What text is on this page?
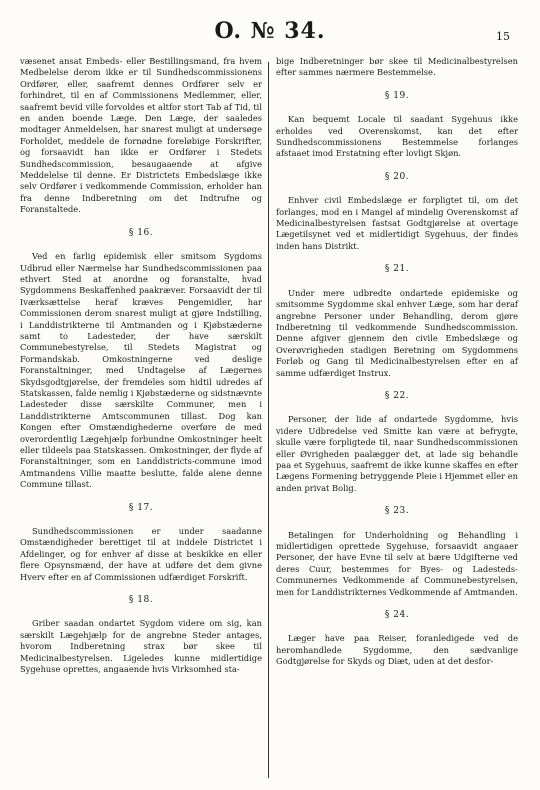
O. № 34.	15

væsenet ansat Embeds- eller Bestillingsmand, fra hvem Medbelelse derom ikke er til Sundhedscommissionens Ordfører, eller, saafremt dennes Ordfører selv er forhindret, til en af Commissionens Medlemmer, eller, saafremt bevid ville forvoldes et altfor stort Tab af Tid, til en anden boende Læge. Den Læge, der saaledes modtager Anmeldelsen, har snarest muligt at undersøge Forholdet, meddele de fornødne foreløbige Forskrifter, og forsaavidt han ikke er Ordfører i Stedets Sundhedscommission, besaugaaende at afgive Meddelelse til denne. Er Districtets Embedslæge ikke selv Ordfører i vedkommende Commission, erholder han fra denne Indberetning om det Indtrufne og Foranstaltede.

§ 16.

Ved en farlig epidemisk eller smitsom Sygdoms Udbrud eller Nærmelse har Sundhedscommissionen paa ethvert Sted at anordne og foranstalte, hvad Sygdommens Beskaffenhed paakræver. Forsaavidt der til Iværksættelse heraf kræves Pengemidler, har Commissionen derom snarest muligt at gjøre Indstilling, i Landdistrikterne til Amtmanden og i Kjøbstæderne samt to Ladesteder, der have særskilt Communebestyrelse, til Stedets Magistrat og Formandskab. Omkostningerne ved deslige Foranstaltninger, med Undtagelse af Lægernes Skydsgodtgjørelse, der fremdeles som hidtil udredes af Statskassen, falde nemlig i Kjøbstæderne og sidstnævnte Ladesteder disse særskilte Communer, men i Landdistrikterne Amtscommunen tillast. Dog kan Kongen efter Omstændighederne overføre de med overordentlig Lægehjælp forbundne Omkostninger heelt eller tildeels paa Statskassen. Omkostninger, der flyde af Foranstaltninger, som en Landdistricts-commune imod Amtmandens Villie maatte beslutte, falde alene denne Commune tillast.

§ 17.

Sundhedscommissionen er under saadanne Omstændigheder berettiget til at inddele Districtet i Afdelinger, og for enhver af disse at beskikke en eller flere Opsynsmænd, der have at udføre det dem givne Hverv efter en af Commissionen udfærdiget Forskrift.

§ 18.

Griber saadan ondartet Sygdom videre om sig, kan særskilt Lægehjælp for de angrebne Steder antages, hvorom Indberetning strax bør skee til Medicinalbestyrelsen. Ligeledes kunne midlertidige Sygehuse oprettes, angaaende hvis Virksomhed sta-

bige Indberetninger bør skee til Medicinalbestyrelsen efter sammes nærmere Bestemmelse.

§ 19.

Kan bequemt Locale til saadant Sygehuus ikke erholdes ved Overenskomst, kan det efter Sundhedscommissionens Bestemmelse forlanges afstaaet imod Erstatning efter lovligt Skjøn.

§ 20.

Enhver civil Embedslæge er forpligtet til, om det forlanges, mod en i Mangel af mindelig Overenskomst af Medicinalbestyrelsen fastsat Godtgjørelse at overtage Lægetilsynet ved et midlertidigt Sygehuus, der findes inden hans Distrikt.

§ 21.

Under mere udbredte ondartede epidemiske og smitsomme Sygdomme skal enhver Læge, som har deraf angrebne Personer under Behandling, derom gjøre Indberetning til vedkommende Sundhedscommission. Denne afgiver gjennem den civile Embedslæge og Overøvrigheden stadigen Beretning om Sygdommens Forløb og Gang til Medicinalbestyrelsen efter en af samme udfærdiget Instrux.

§ 22.

Personer, der lide af ondartede Sygdomme, hvis videre Udbredelse ved Smitte kan være at befrygte, skulle være forpligtede til, naar Sundhedscommissionen eller Øvrigheden paalægger det, at lade sig behandle paa et Sygehuus, saafremt de ikke kunne skaffes en efter Lægens Formening betryggende Pleie i Hjemmet eller en anden privat Bolig.

§ 23.

Betalingen for Underholdning og Behandling i midlertidigen oprettede Sygehuse, forsaavidt angaaer Personer, der have Evne til selv at bære Udgifterne ved deres Cuur, bestemmes for Byes- og Ladesteds-Communernes Vedkommende af Communebestyrelsen, men for Landdistrikternes Vedkommende af Amtmanden.

§ 24.

Læger have paa Reiser, foranledigede ved de heromhandlede Sygdomme, den sædvanlige Godtgjørelse for Skyds og Diæt, uden at det desfor-
